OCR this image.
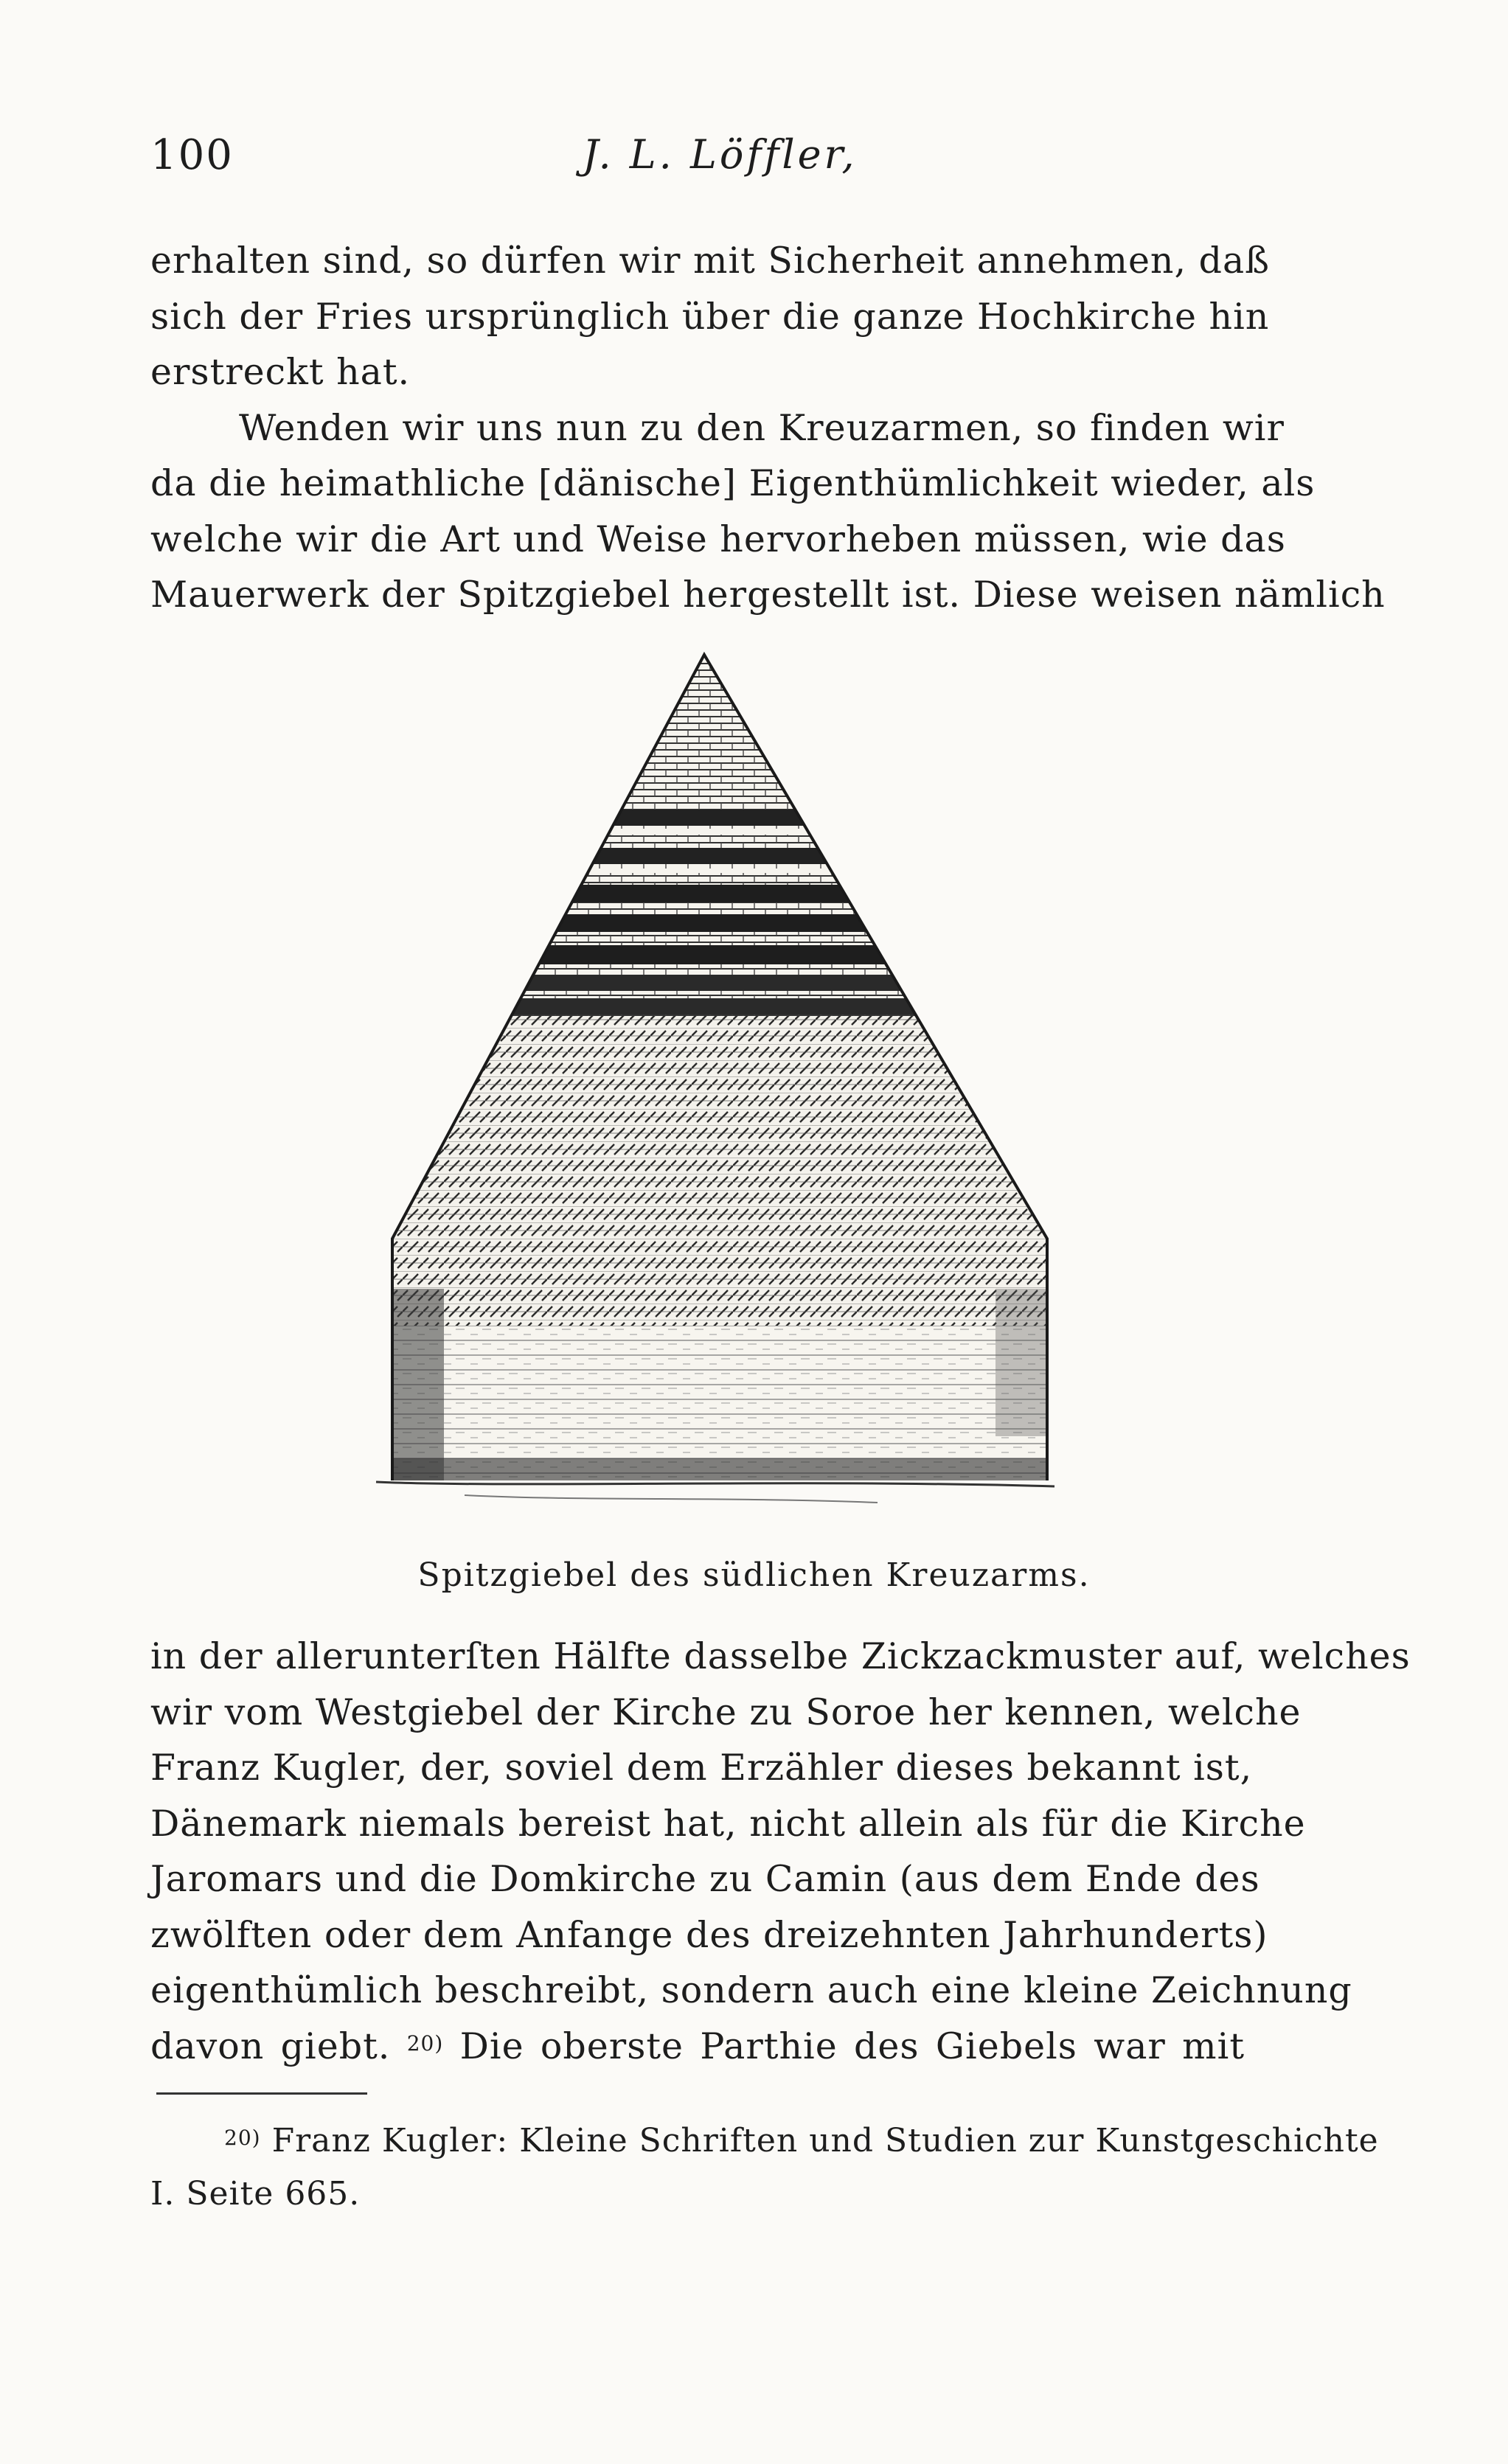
100	J. L. Löffler,
erhalten sind, so dürfen wir mit Sicherheit annehmen, daß
sich der Fries ursprünglich über die ganze Hochkirche hin
erstreckt hat.
Wenden wir uns nun zu den Kreuzarmen, so finden wir
da die heimathliche [dänische] Eigenthümlichkeit wieder, als
welche wir die Art und Weise hervorheben müssen, wie das
Mauerwerk der Spitzgiebel hergestellt ist. Diese weisen nämlich
Spitzgiebel des südlichen Kreuzarms.
in der allerunterſten Hälfte dasselbe Zickzackmuster auf, welches
wir vom Westgiebel der Kirche zu Soroe her kennen, welche
Franz Kugler, der, soviel dem Erzähler dieses bekannt ist,
Dänemark niemals bereist hat, nicht allein als für die Kirche
Jaromars und die Domkirche zu Camin (aus dem Ende des
zwölften oder dem Anfange des dreizehnten Jahrhunderts)
eigenthümlich beschreibt, sondern auch eine kleine Zeichnung
davon giebt. $^{20)}$ Die oberste Parthie des Giebels war mit
$^{20)}$ Franz Kugler: Kleine Schriften und Studien zur Kunstgeschichte
I. Seite 665.
